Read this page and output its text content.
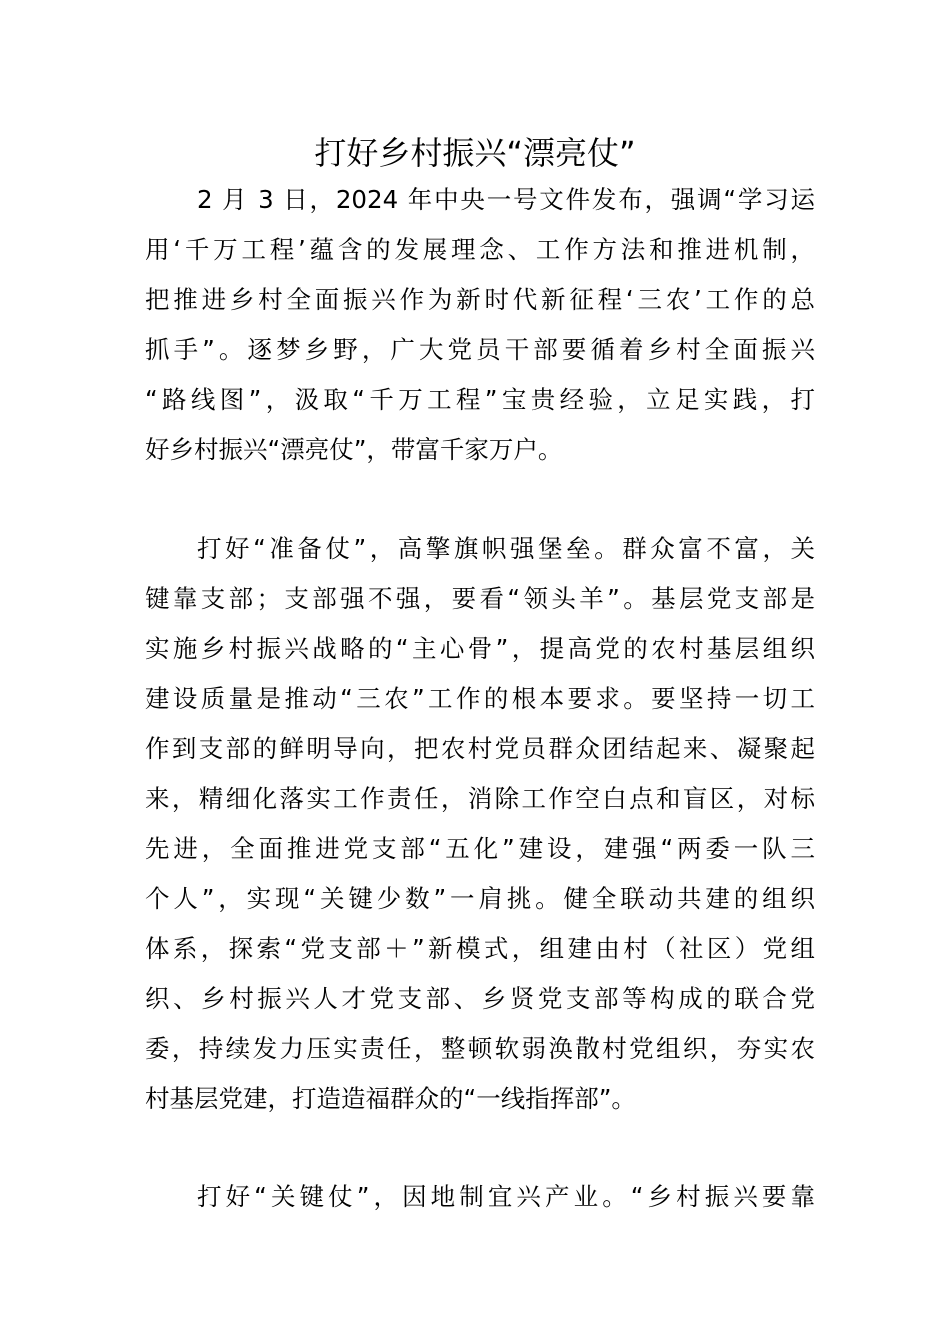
打好乡村振兴“漂亮仗”
2 月 3 日，2024 年中央一号文件发布，强调“学习运
用‘千万工程’蕴含的发展理念、工作方法和推进机制，
把推进乡村全面振兴作为新时代新征程‘三农’工作的总
抓手”。逐梦乡野，广大党员干部要循着乡村全面振兴
“路线图”，汲取“千万工程”宝贵经验，立足实践，打
好乡村振兴“漂亮仗”，带富千家万户。
打好“准备仗”，高擎旗帜强堡垒。群众富不富，关
键靠支部；支部强不强，要看“领头羊”。基层党支部是
实施乡村振兴战略的“主心骨”，提高党的农村基层组织
建设质量是推动“三农”工作的根本要求。要坚持一切工
作到支部的鲜明导向，把农村党员群众团结起来、凝聚起
来，精细化落实工作责任，消除工作空白点和盲区，对标
先进，全面推进党支部“五化”建设，建强“两委一队三
个人”，实现“关键少数”一肩挑。健全联动共建的组织
体系，探索“党支部＋”新模式，组建由村（社区）党组
织、乡村振兴人才党支部、乡贤党支部等构成的联合党
委，持续发力压实责任，整顿软弱涣散村党组织，夯实农
村基层党建，打造造福群众的“一线指挥部”。
打好“关键仗”，因地制宜兴产业。“乡村振兴要靠
